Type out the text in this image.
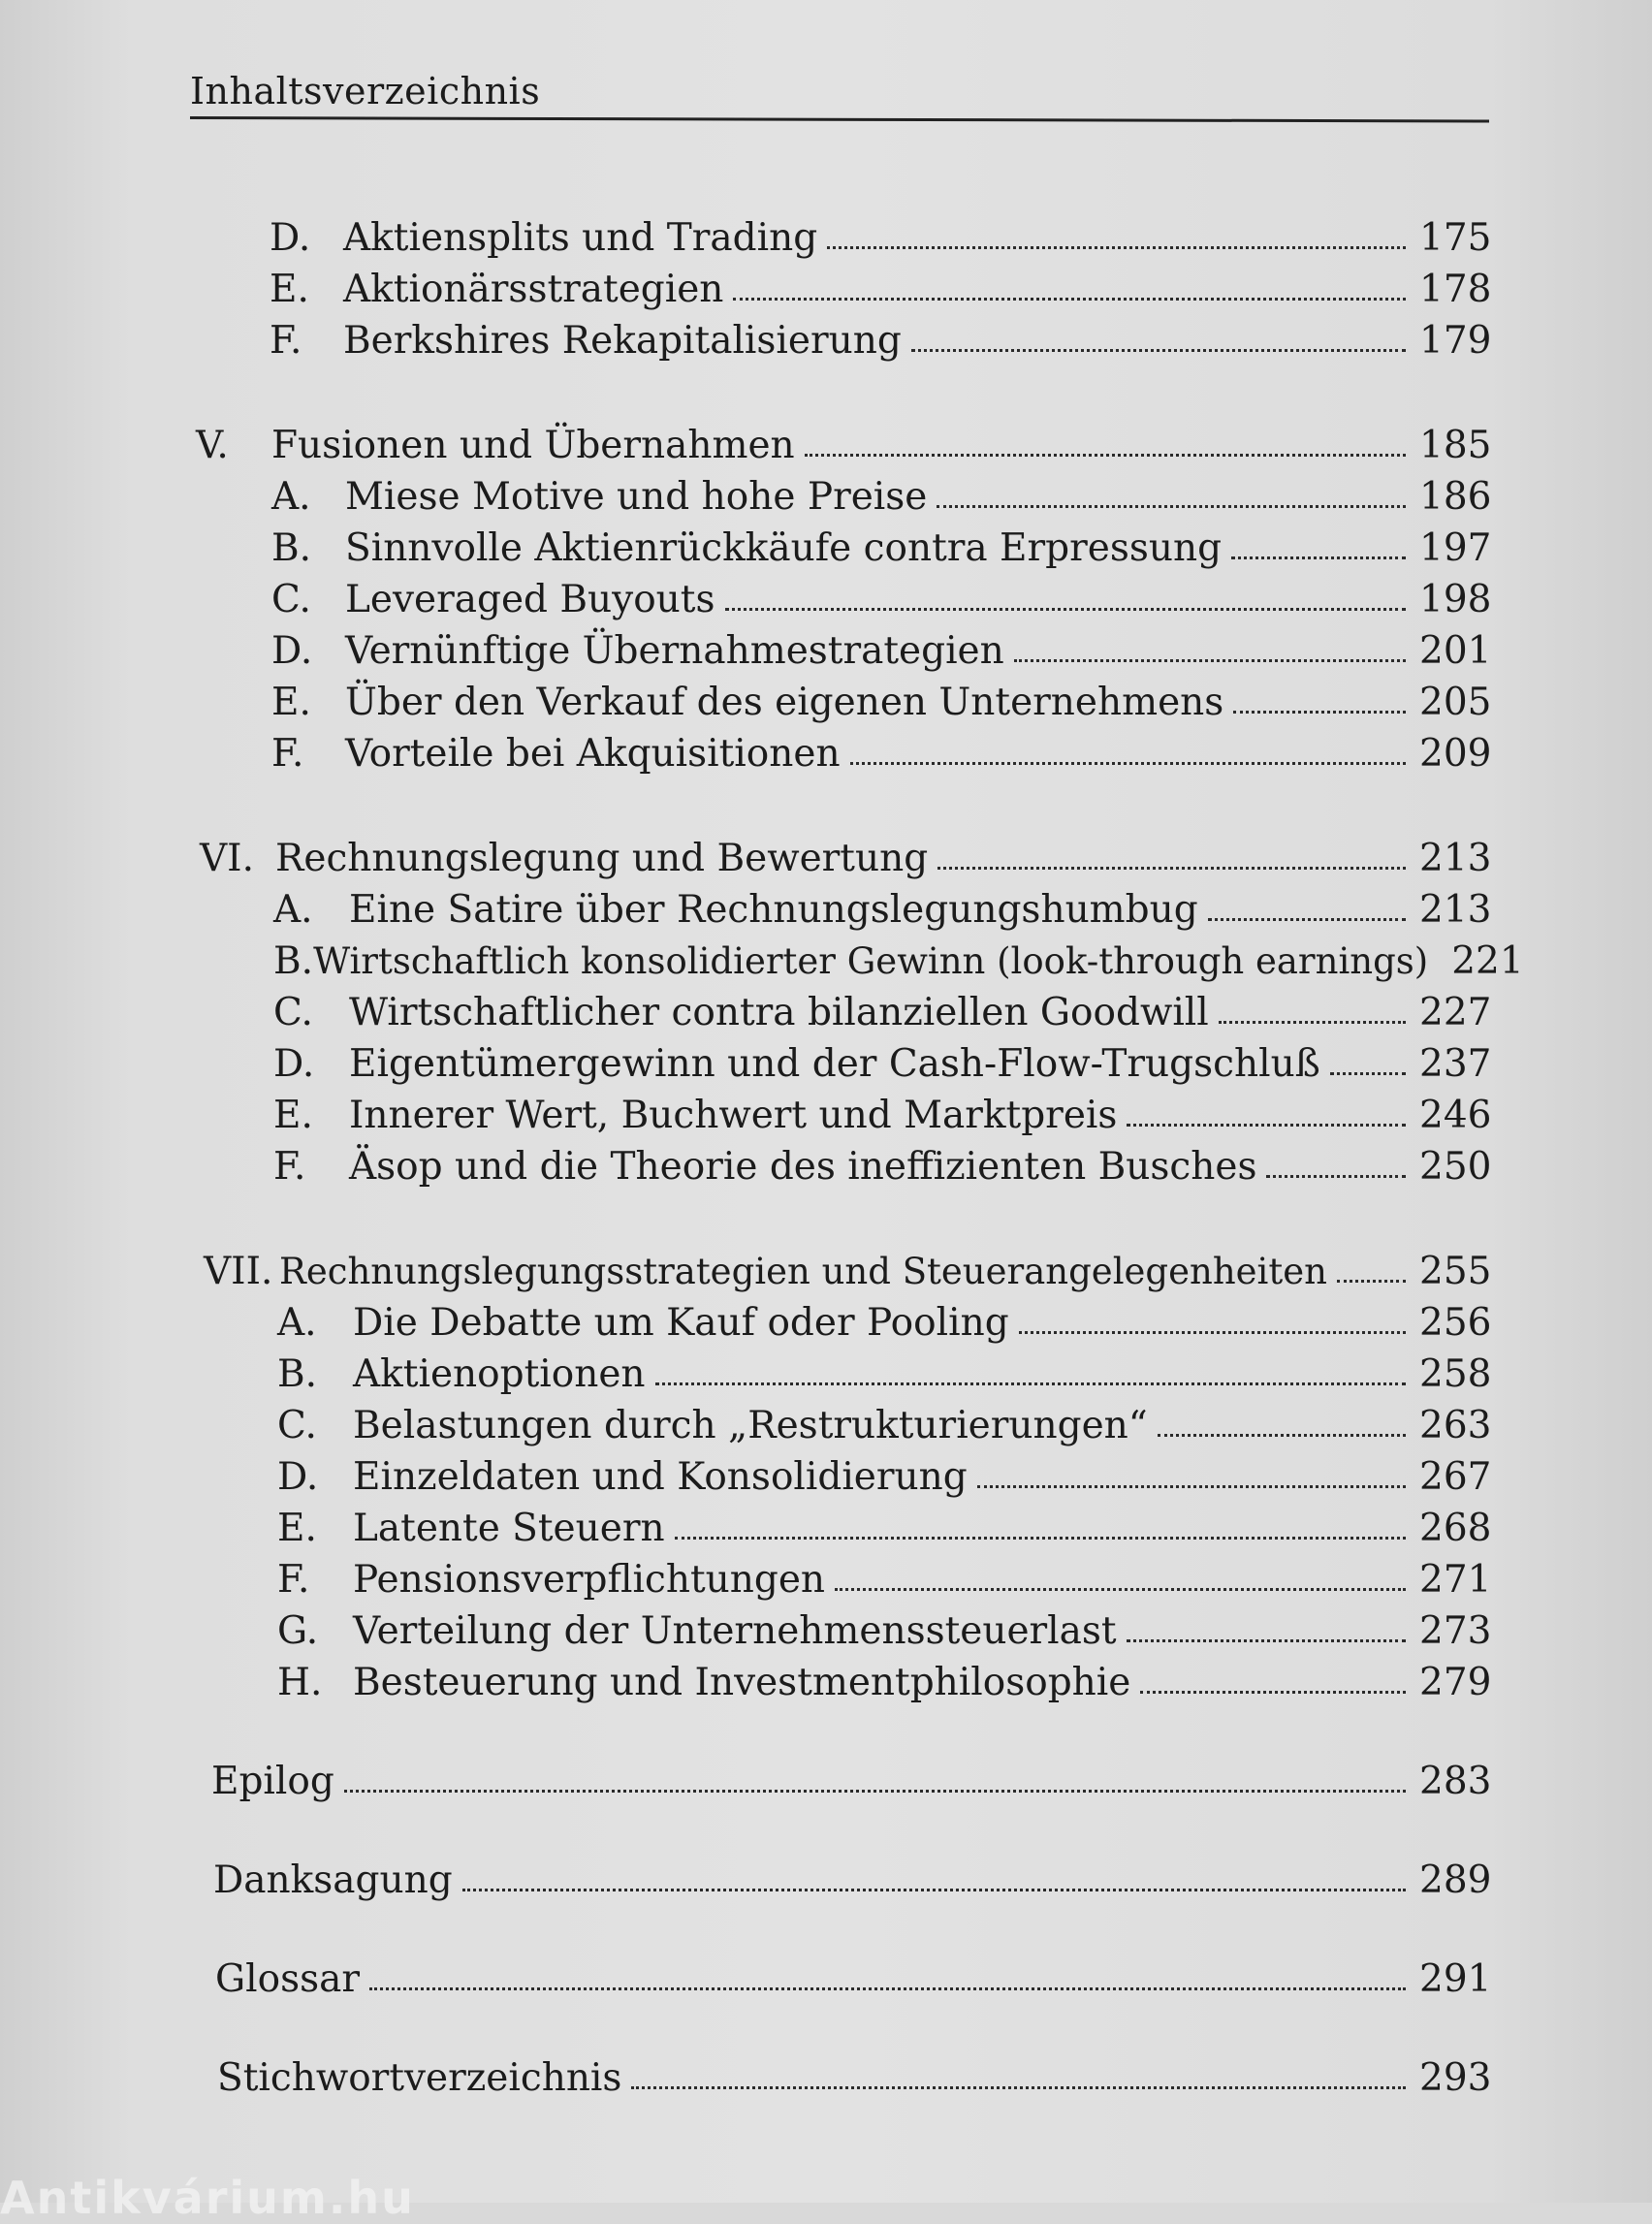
Inhaltsverzeichnis
D. Aktiensplits und Trading	175
E. Aktionärsstrategien	178
F.	Berkshires Rekapitalisierung	179
V.	Fusionen und Übernahmen	185
A. Miese Motive und hohe Preise	186
B. Sinnvolle Aktienrückkäufe contra Erpressung	197
C. Leveraged Buyouts	198
D. Vernünftige Übernahmestrategien	201
E. Über den Verkauf des eigenen Unternehmens	205
F.	Vorteile bei Akquisitionen	209
VI. Rechnungslegung und Bewertung	213
A. Eine Satire über Rechnungslegungshumbug	213
B. Wirtschaftlich konsolidierter Gewinn (look-through earnings) 221
C. Wirtschaftlicher contra bilanziellen Goodwill	227
D. Eigentümergewinn und der Cash-Flow-Trugschluß	237
E. Innerer Wert, Buchwert und Marktpreis	246
F.	Äsop und die Theorie des ineffizienten Busches	250
VII. Rechnungslegungsstrategien und Steuerangelegenheiten 255
A. Die Debatte um Kauf oder Pooling	256
B. Aktienoptionen	258
C. Belastungen durch „Restrukturierungen“	263
D. Einzeldaten und Konsolidierung	267
E. Latente Steuern	268
F.	Pensionsverpflichtungen	271
G. Verteilung der Unternehmenssteuerlast	273
H. Besteuerung und Investmentphilosophie	279
Epilog	283
Danksagung	289
Glossar	291
Stichwortverzeichnis	293
Antikvárium.hu
